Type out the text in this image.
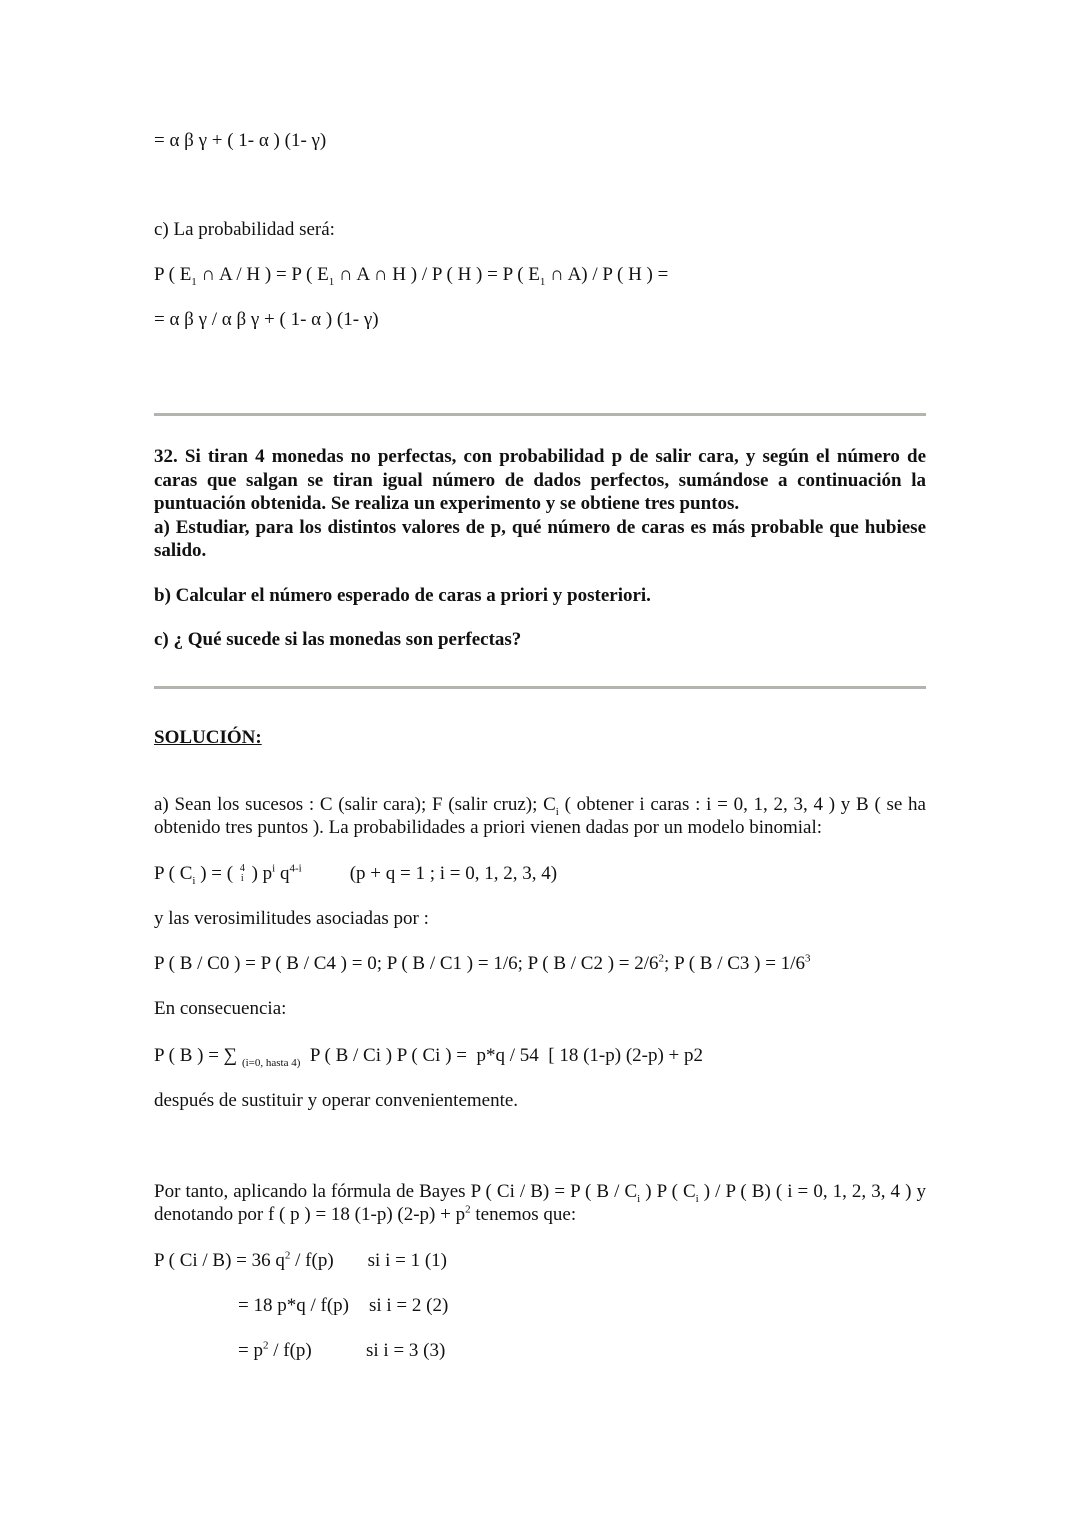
= α β γ + ( 1- α ) (1- γ)
c) La probabilidad será:
P ( $E_1$ ∩ A / H ) = P ( $E_1$ ∩ A ∩ H ) / P ( H ) = P ( $E_1$ ∩ A) / P ( H ) =
= α β γ / α β γ + ( 1- α ) (1- γ)
32. Si tiran 4 monedas no perfectas, con probabilidad p de salir cara, y según el número de caras que salgan se tiran igual número de dados perfectos, sumándose a continuación la puntuación obtenida. Se realiza un experimento y se obtiene tres puntos.
a) Estudiar, para los distintos valores de p, qué número de caras es más probable que hubiese salido.
b) Calcular el número esperado de caras a priori y posteriori.
c) ¿ Qué sucede si las monedas son perfectas?
SOLUCIÓN:
a) Sean los sucesos : C (salir cara); F (salir cruz); $C_i$ ( obtener i caras : i = 0, 1, 2, 3, 4 ) y B ( se ha obtenido tres puntos ). La probabilidades a priori vienen dadas por un modelo binomial:
P ( $C_i$ ) = ( 4
i ) $p^i$ $q^{4-i}$	(p + q = 1 ; i = 0, 1, 2, 3, 4)
y las verosimilitudes asociadas por :
P ( B / C0 ) = P ( B / C4 ) = 0; P ( B / C1 ) = 1/6; P ( B / C2 ) = $2/6^2$; P ( B / C3 ) = $1/6^3$
En consecuencia:
P ( B ) = ∑ $_{(i=0, hasta 4)}$  P ( B / Ci ) P ( Ci ) =  p*q / 54  [ 18 (1-p) (2-p) + p2
después de sustituir y operar convenientemente.
Por tanto, aplicando la fórmula de Bayes P ( Ci / B) = P ( B / $C_i$ ) P ( $C_i$ ) / P ( B) ( i = 0, 1, 2, 3, 4 ) y denotando por f ( p ) = 18 (1-p) $(2-p) + p^2$ tenemos que:
P ( Ci / B) = 36 $q^2 / f(p)$ si i = 1 (1)
= 18 p*q / f(p) si i = 2 (2)
= $p^2 / f(p)$	si i = 3 (3)
